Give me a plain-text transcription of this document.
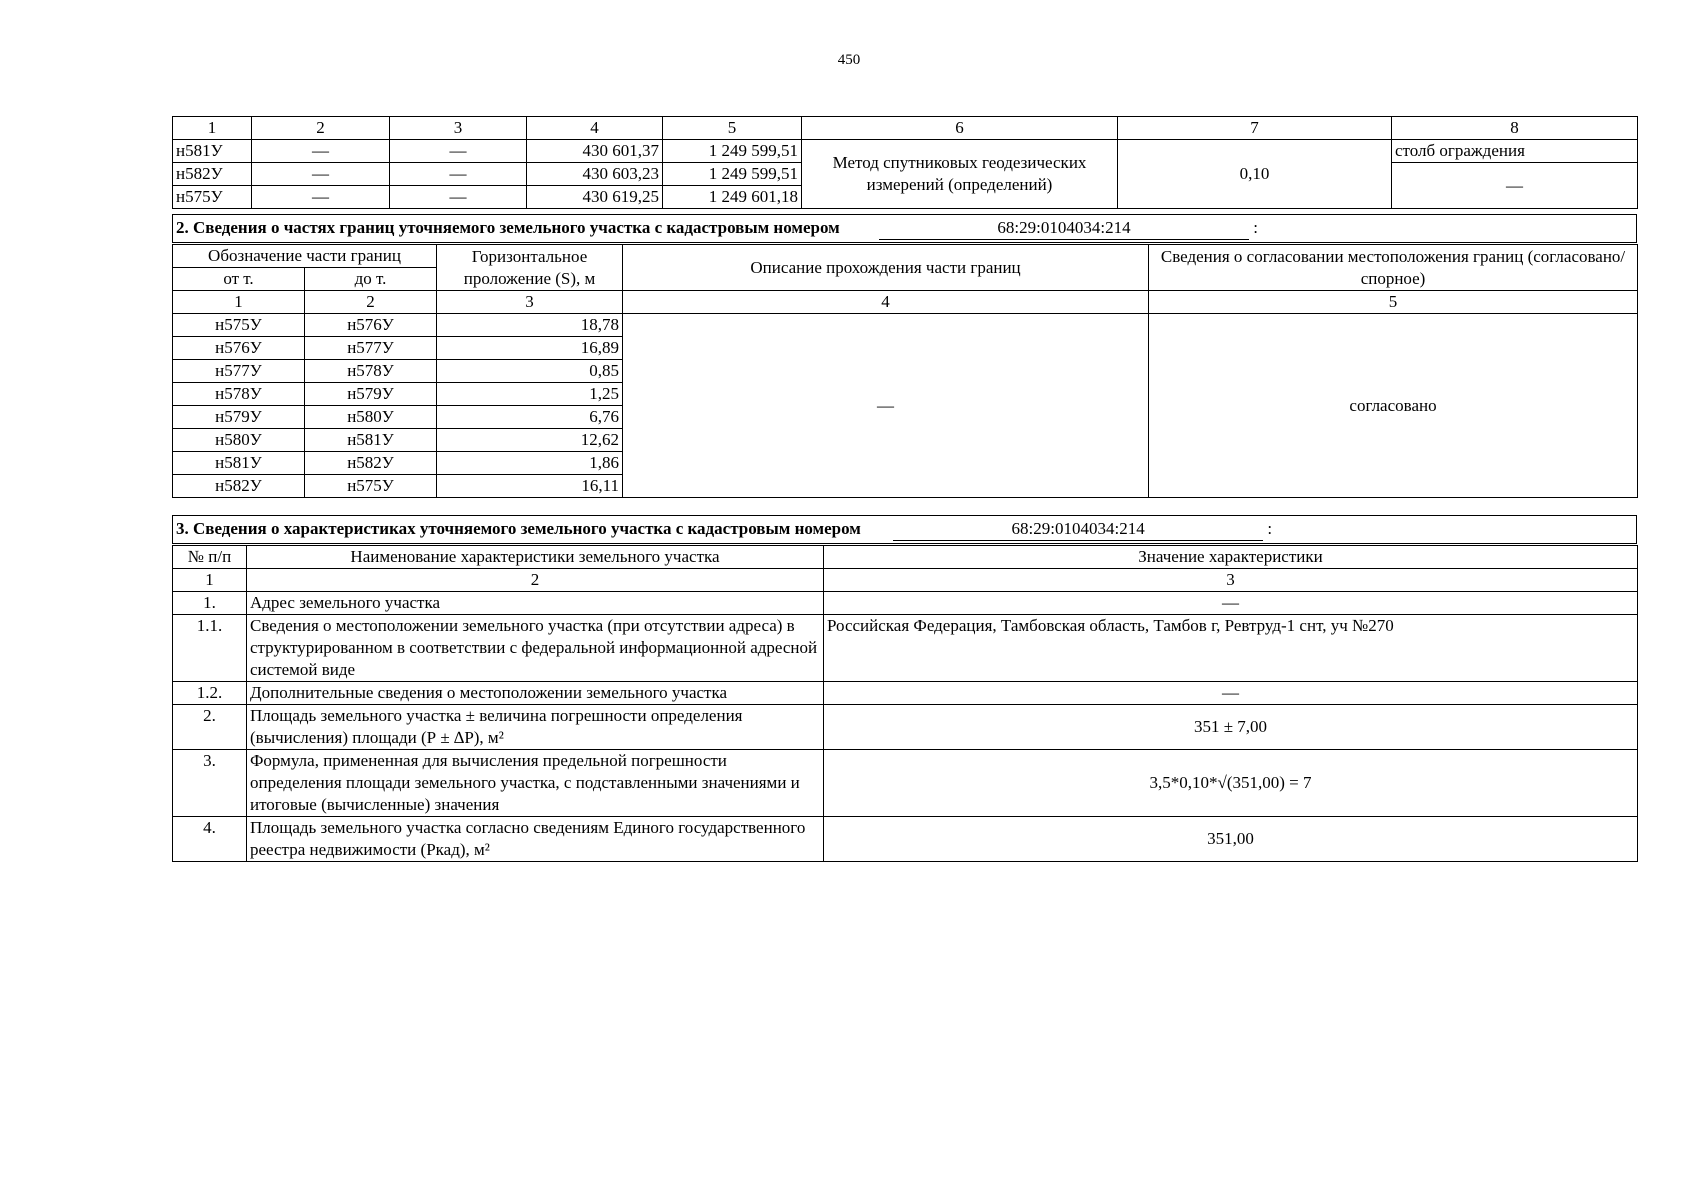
450
1	2	3	4	5	6	7	8
н581У	—	—	430 601,37	1 249 599,51	Метод спутниковых геодезических измерений (определений)	0,10	столб ограждения
н582У	—	—	430 603,23	1 249 599,51			—
н575У	—	—	430 619,25	1 249 601,18			
2. Сведения о частях границ уточняемого земельного участка с кадастровым номером	68:29:0104034:214	:
Обозначение части границ		Горизонтальное проложение (S), м	Описание прохождения части границ	Сведения о согласовании местоположения границ (согласовано/спорное)
от т.	до т.			
1	2	3	4	5
н575У	н576У	18,78	—	согласовано
н576У	н577У	16,89		
н577У	н578У	0,85		
н578У	н579У	1,25		
н579У	н580У	6,76		
н580У	н581У	12,62		
н581У	н582У	1,86		
н582У	н575У	16,11		
3. Сведения о характеристиках уточняемого земельного участка с кадастровым номером	68:29:0104034:214	:
№ п/п	Наименование характеристики земельного участка	Значение характеристики
1	2	3
1.	Адрес земельного участка	—
1.1.	Сведения о местоположении земельного участка (при отсутствии адреса) в структурированном в соответствии с федеральной информационной адресной системой виде	Российская Федерация, Тамбовская область, Тамбов г, Ревтруд-1 снт, уч №270
1.2.	Дополнительные сведения о местоположении земельного участка	—
2.	Площадь земельного участка ± величина погрешности определения (вычисления) площади (Р ± ∆Р), м²	351 ± 7,00
3.	Формула, примененная для вычисления предельной погрешности определения площади земельного участка, с подставленными значениями и итоговые (вычисленные) значения	3,5*0,10*√(351,00) = 7
4.	Площадь земельного участка согласно сведениям Единого государственного реестра недвижимости (Ркад), м²	351,00
